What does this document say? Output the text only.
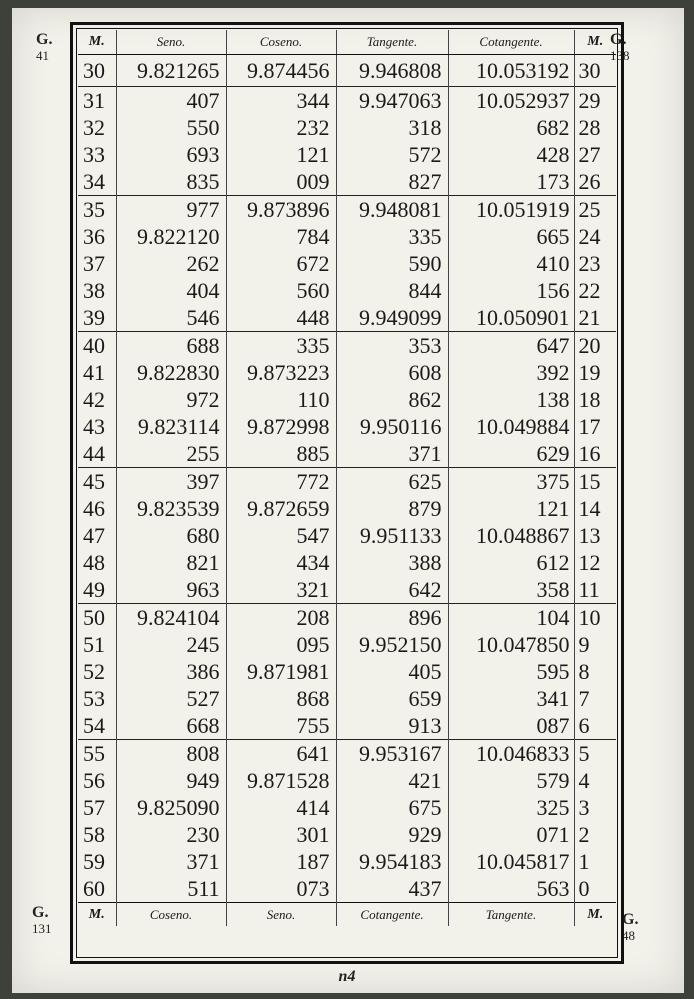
G.
41
G.
138
G.
131
G.
48
M.	Seno.	Coseno.	Tangente.	Cotangente.	M.
30	9.821265	9.874456	9.946808	10.053192	30
31	407	344	9.947063	10.052937	29
32	550	232	318	682	28
33	693	121	572	428	27
34	835	009	827	173	26
35	977	9.873896	9.948081	10.051919	25
36	9.822120	784	335	665	24
37	262	672	590	410	23
38	404	560	844	156	22
39	546	448	9.949099	10.050901	21
40	688	335	353	647	20
41	9.822830	9.873223	608	392	19
42	972	110	862	138	18
43	9.823114	9.872998	9.950116	10.049884	17
44	255	885	371	629	16
45	397	772	625	375	15
46	9.823539	9.872659	879	121	14
47	680	547	9.951133	10.048867	13
48	821	434	388	612	12
49	963	321	642	358	11
50	9.824104	208	896	104	10
51	245	095	9.952150	10.047850	9
52	386	9.871981	405	595	8
53	527	868	659	341	7
54	668	755	913	087	6
55	808	641	9.953167	10.046833	5
56	949	9.871528	421	579	4
57	9.825090	414	675	325	3
58	230	301	929	071	2
59	371	187	9.954183	10.045817	1
60	511	073	437	563	0
M.	Coseno.	Seno.	Cotangente.	Tangente.	M.
n4
